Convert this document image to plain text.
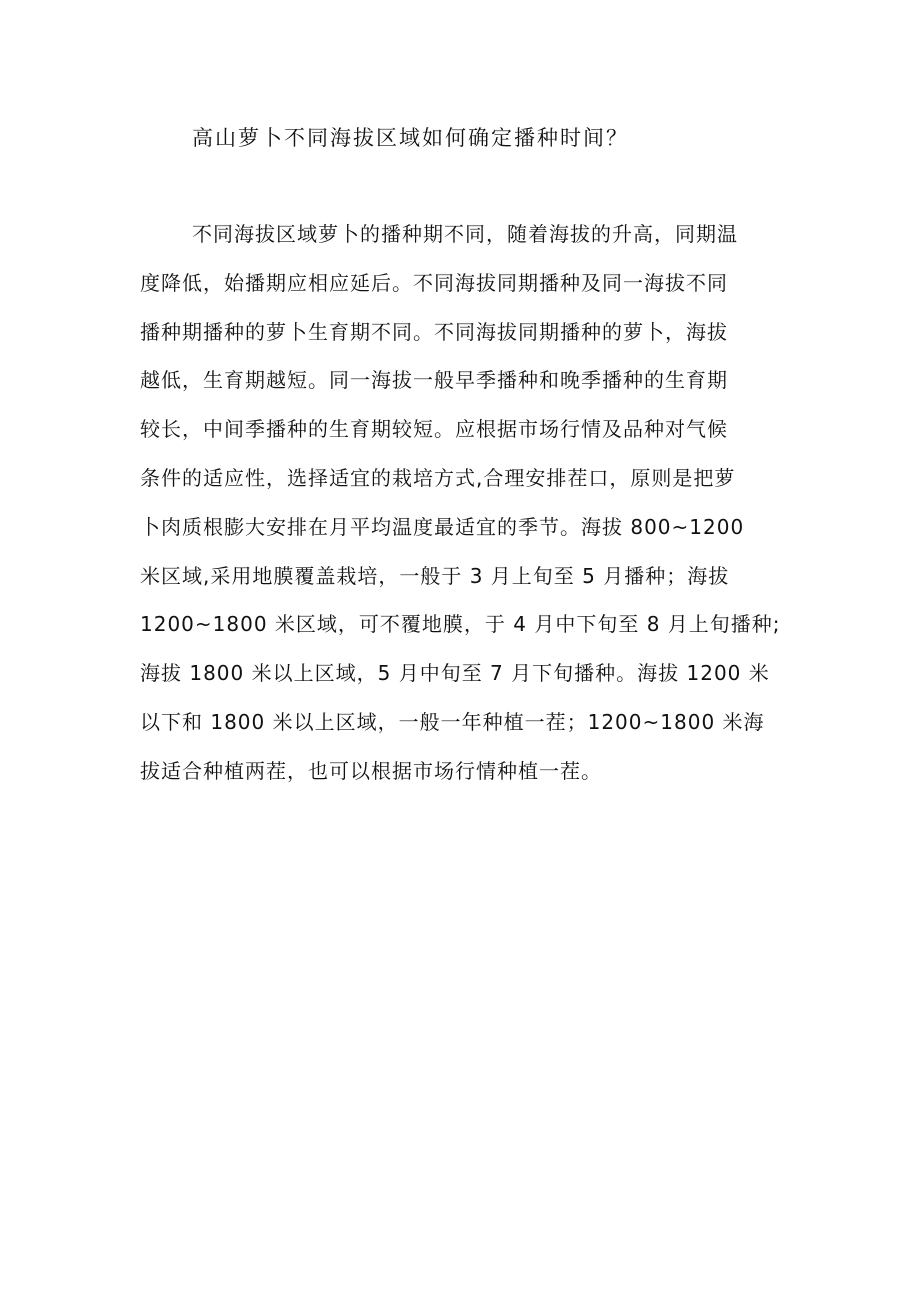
高山萝卜不同海拔区域如何确定播种时间？
不同海拔区域萝卜的播种期不同，随着海拔的升高，同期温
度降低，始播期应相应延后。不同海拔同期播种及同一海拔不同
播种期播种的萝卜生育期不同。不同海拔同期播种的萝卜，海拔
越低，生育期越短。同一海拔一般早季播种和晚季播种的生育期
较长，中间季播种的生育期较短。应根据市场行情及品种对气候
条件的适应性，选择适宜的栽培方式,合理安排茬口，原则是把萝
卜肉质根膨大安排在月平均温度最适宜的季节。海拔 800~1200
米区域,采用地膜覆盖栽培，一般于 3 月上旬至 5 月播种；海拔
1200~1800 米区域，可不覆地膜，于 4 月中下旬至 8 月上旬播种;
海拔 1800 米以上区域，5 月中旬至 7 月下旬播种。海拔 1200 米
以下和 1800 米以上区域，一般一年种植一茬；1200~1800 米海
拔适合种植两茬，也可以根据市场行情种植一茬。
